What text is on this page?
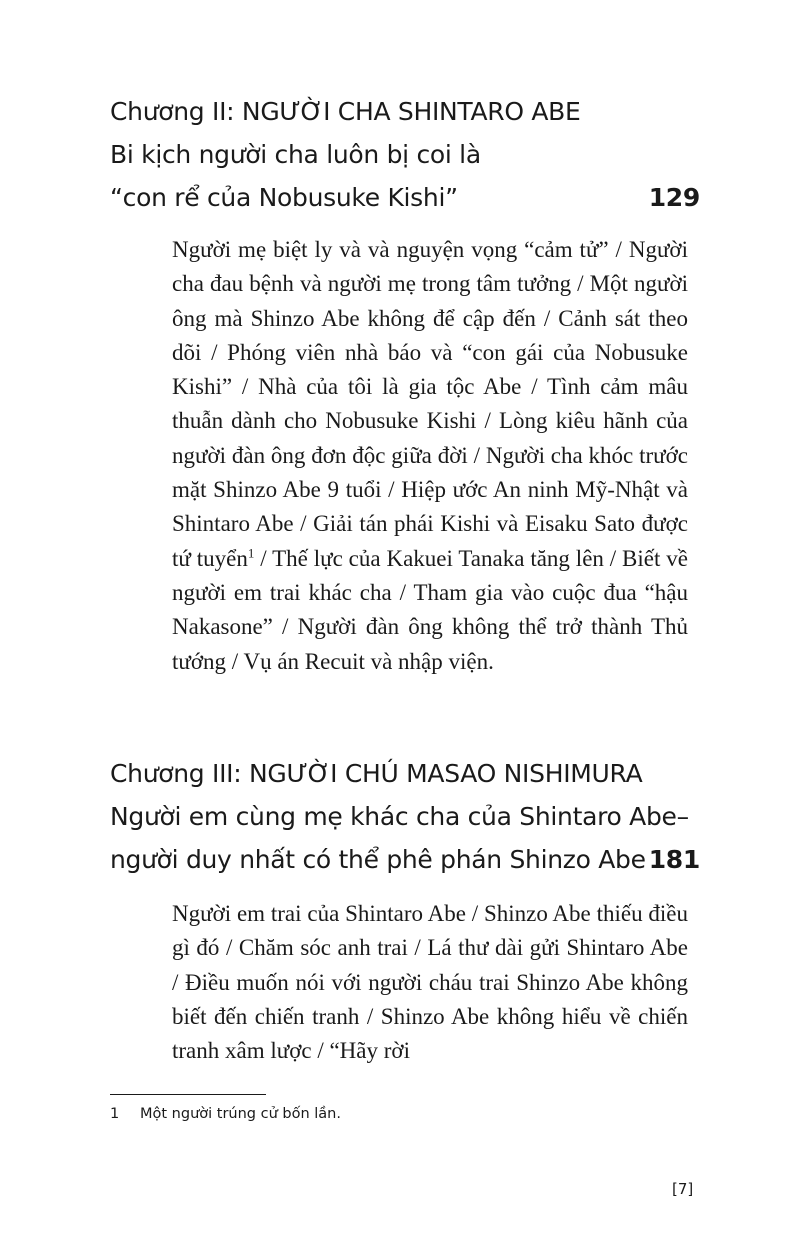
Chương II: NGƯỜI CHA SHINTARO ABE
Bi kịch người cha luôn bị coi là
“con rể của Nobusuke Kishi”	129

Người mẹ biệt ly và và nguyện vọng “cảm tử” / Người cha đau bệnh và người mẹ trong tâm tưởng / Một người ông mà Shinzo Abe không để cập đến / Cảnh sát theo dõi / Phóng viên nhà báo và “con gái của Nobusuke Kishi” / Nhà của tôi là gia tộc Abe / Tình cảm mâu thuẫn dành cho Nobusuke Kishi / Lòng kiêu hãnh của người đàn ông đơn độc giữa đời / Người cha khóc trước mặt Shinzo Abe 9 tuổi / Hiệp ước An ninh Mỹ-Nhật và Shintaro Abe / Giải tán phái Kishi và Eisaku Sato được tứ tuyển$^1$ / Thế lực của Kakuei Tanaka tăng lên / Biết về người em trai khác cha / Tham gia vào cuộc đua “hậu Nakasone” / Người đàn ông không thể trở thành Thủ tướng / Vụ án Recuit và nhập viện.

Chương III: NGƯỜI CHÚ MASAO NISHIMURA
Người em cùng mẹ khác cha của Shintaro Abe–
người duy nhất có thể phê phán Shinzo Abe 181

Người em trai của Shintaro Abe / Shinzo Abe thiếu điều gì đó / Chăm sóc anh trai / Lá thư dài gửi Shintaro Abe / Điều muốn nói với người cháu trai Shinzo Abe không biết đến chiến tranh / Shinzo Abe không hiểu về chiến tranh xâm lược / “Hãy rời

1 Một người trúng cử bốn lần.
[7]
